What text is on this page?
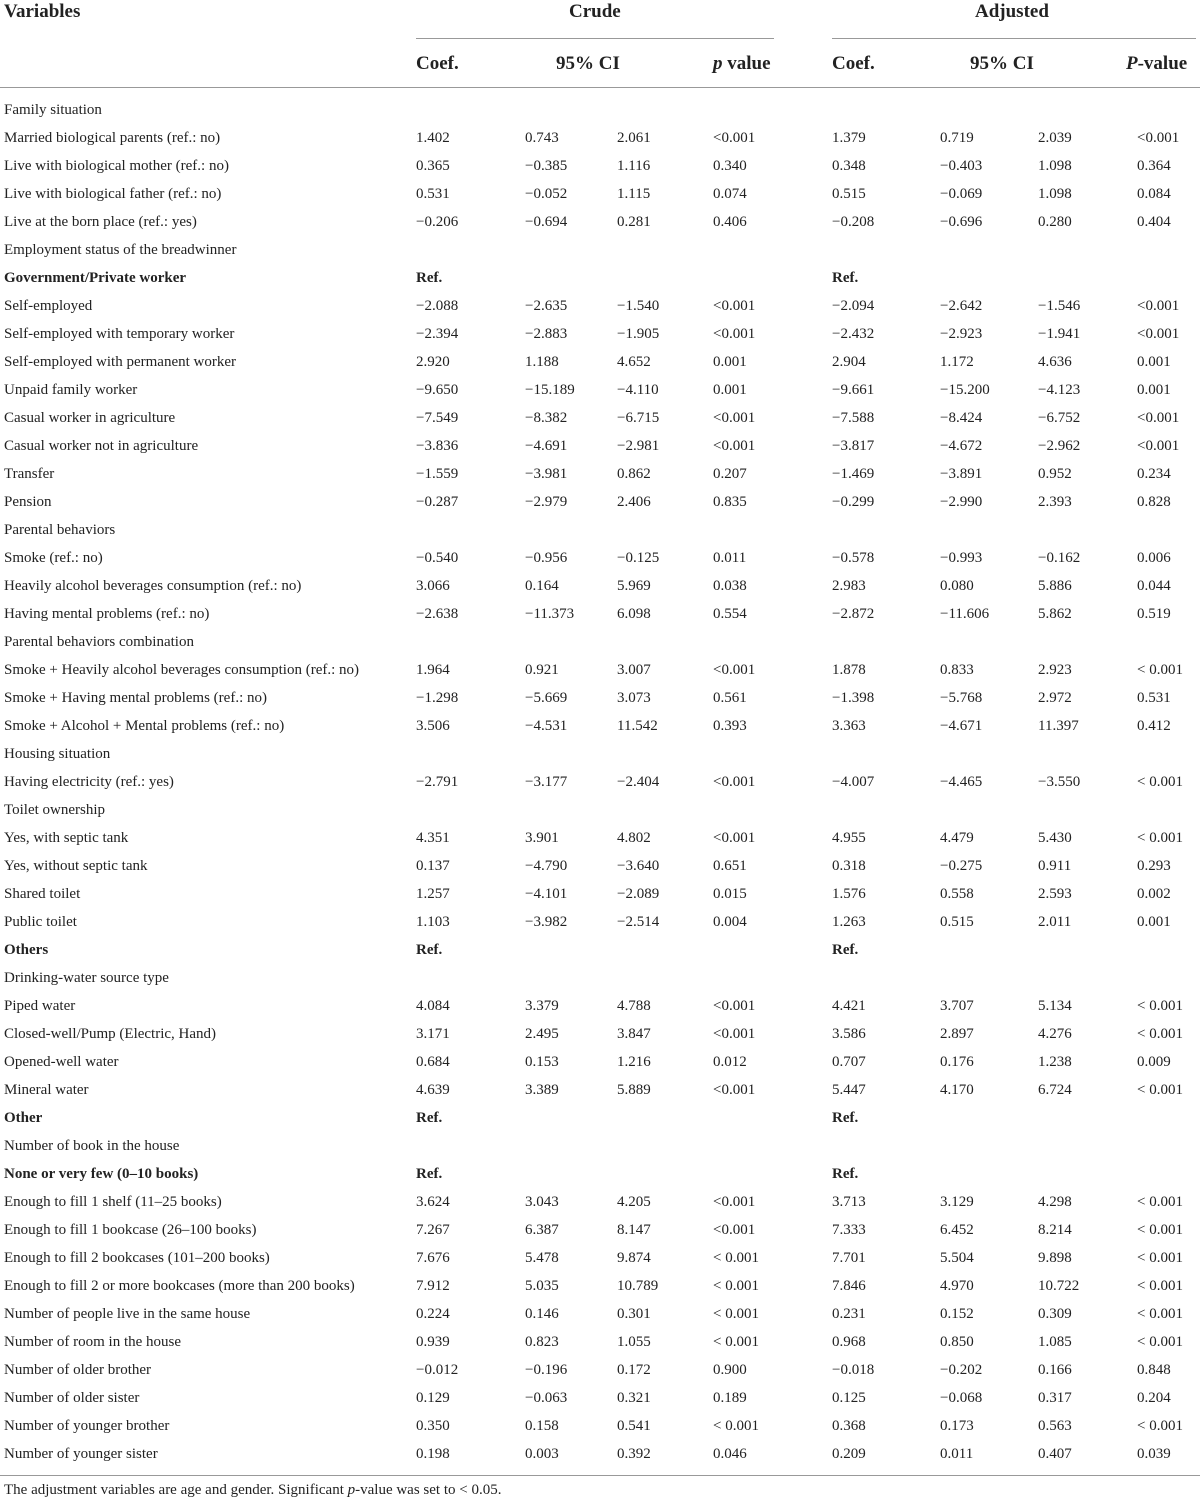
Variables	Crude	Adjusted
Coef.	95% CI	p value	Coef.	95% CI	P-value
Family situation								
Married biological parents (ref.: no)	1.402	0.743	2.061	<0.001	1.379	0.719	2.039	<0.001
Live with biological mother (ref.: no)	0.365	−0.385	1.116	0.340	0.348	−0.403	1.098	0.364
Live with biological father (ref.: no)	0.531	−0.052	1.115	0.074	0.515	−0.069	1.098	0.084
Live at the born place (ref.: yes)	−0.206	−0.694	0.281	0.406	−0.208	−0.696	0.280	0.404
Employment status of the breadwinner								
Government/Private worker	Ref.				Ref.			
Self-employed	−2.088	−2.635	−1.540	<0.001	−2.094	−2.642	−1.546	<0.001
Self-employed with temporary worker	−2.394	−2.883	−1.905	<0.001	−2.432	−2.923	−1.941	<0.001
Self-employed with permanent worker	2.920	1.188	4.652	0.001	2.904	1.172	4.636	0.001
Unpaid family worker	−9.650	−15.189	−4.110	0.001	−9.661	−15.200	−4.123	0.001
Casual worker in agriculture	−7.549	−8.382	−6.715	<0.001	−7.588	−8.424	−6.752	<0.001
Casual worker not in agriculture	−3.836	−4.691	−2.981	<0.001	−3.817	−4.672	−2.962	<0.001
Transfer	−1.559	−3.981	0.862	0.207	−1.469	−3.891	0.952	0.234
Pension	−0.287	−2.979	2.406	0.835	−0.299	−2.990	2.393	0.828
Parental behaviors								
Smoke (ref.: no)	−0.540	−0.956	−0.125	0.011	−0.578	−0.993	−0.162	0.006
Heavily alcohol beverages consumption (ref.: no)	3.066	0.164	5.969	0.038	2.983	0.080	5.886	0.044
Having mental problems (ref.: no)	−2.638	−11.373	6.098	0.554	−2.872	−11.606	5.862	0.519
Parental behaviors combination								
Smoke + Heavily alcohol beverages consumption (ref.: no)	1.964	0.921	3.007	<0.001	1.878	0.833	2.923	< 0.001
Smoke + Having mental problems (ref.: no)	−1.298	−5.669	3.073	0.561	−1.398	−5.768	2.972	0.531
Smoke + Alcohol + Mental problems (ref.: no)	3.506	−4.531	11.542	0.393	3.363	−4.671	11.397	0.412
Housing situation								
Having electricity (ref.: yes)	−2.791	−3.177	−2.404	<0.001	−4.007	−4.465	−3.550	< 0.001
Toilet ownership								
Yes, with septic tank	4.351	3.901	4.802	<0.001	4.955	4.479	5.430	< 0.001
Yes, without septic tank	0.137	−4.790	−3.640	0.651	0.318	−0.275	0.911	0.293
Shared toilet	1.257	−4.101	−2.089	0.015	1.576	0.558	2.593	0.002
Public toilet	1.103	−3.982	−2.514	0.004	1.263	0.515	2.011	0.001
Others	Ref.				Ref.			
Drinking-water source type								
Piped water	4.084	3.379	4.788	<0.001	4.421	3.707	5.134	< 0.001
Closed-well/Pump (Electric, Hand)	3.171	2.495	3.847	<0.001	3.586	2.897	4.276	< 0.001
Opened-well water	0.684	0.153	1.216	0.012	0.707	0.176	1.238	0.009
Mineral water	4.639	3.389	5.889	<0.001	5.447	4.170	6.724	< 0.001
Other	Ref.				Ref.			
Number of book in the house								
None or very few (0–10 books)	Ref.				Ref.			
Enough to fill 1 shelf (11–25 books)	3.624	3.043	4.205	<0.001	3.713	3.129	4.298	< 0.001
Enough to fill 1 bookcase (26–100 books)	7.267	6.387	8.147	<0.001	7.333	6.452	8.214	< 0.001
Enough to fill 2 bookcases (101–200 books)	7.676	5.478	9.874	< 0.001	7.701	5.504	9.898	< 0.001
Enough to fill 2 or more bookcases (more than 200 books)	7.912	5.035	10.789	< 0.001	7.846	4.970	10.722	< 0.001
Number of people live in the same house	0.224	0.146	0.301	< 0.001	0.231	0.152	0.309	< 0.001
Number of room in the house	0.939	0.823	1.055	< 0.001	0.968	0.850	1.085	< 0.001
Number of older brother	−0.012	−0.196	0.172	0.900	−0.018	−0.202	0.166	0.848
Number of older sister	0.129	−0.063	0.321	0.189	0.125	−0.068	0.317	0.204
Number of younger brother	0.350	0.158	0.541	< 0.001	0.368	0.173	0.563	< 0.001
Number of younger sister	0.198	0.003	0.392	0.046	0.209	0.011	0.407	0.039
The adjustment variables are age and gender. Significant p-value was set to < 0.05.
